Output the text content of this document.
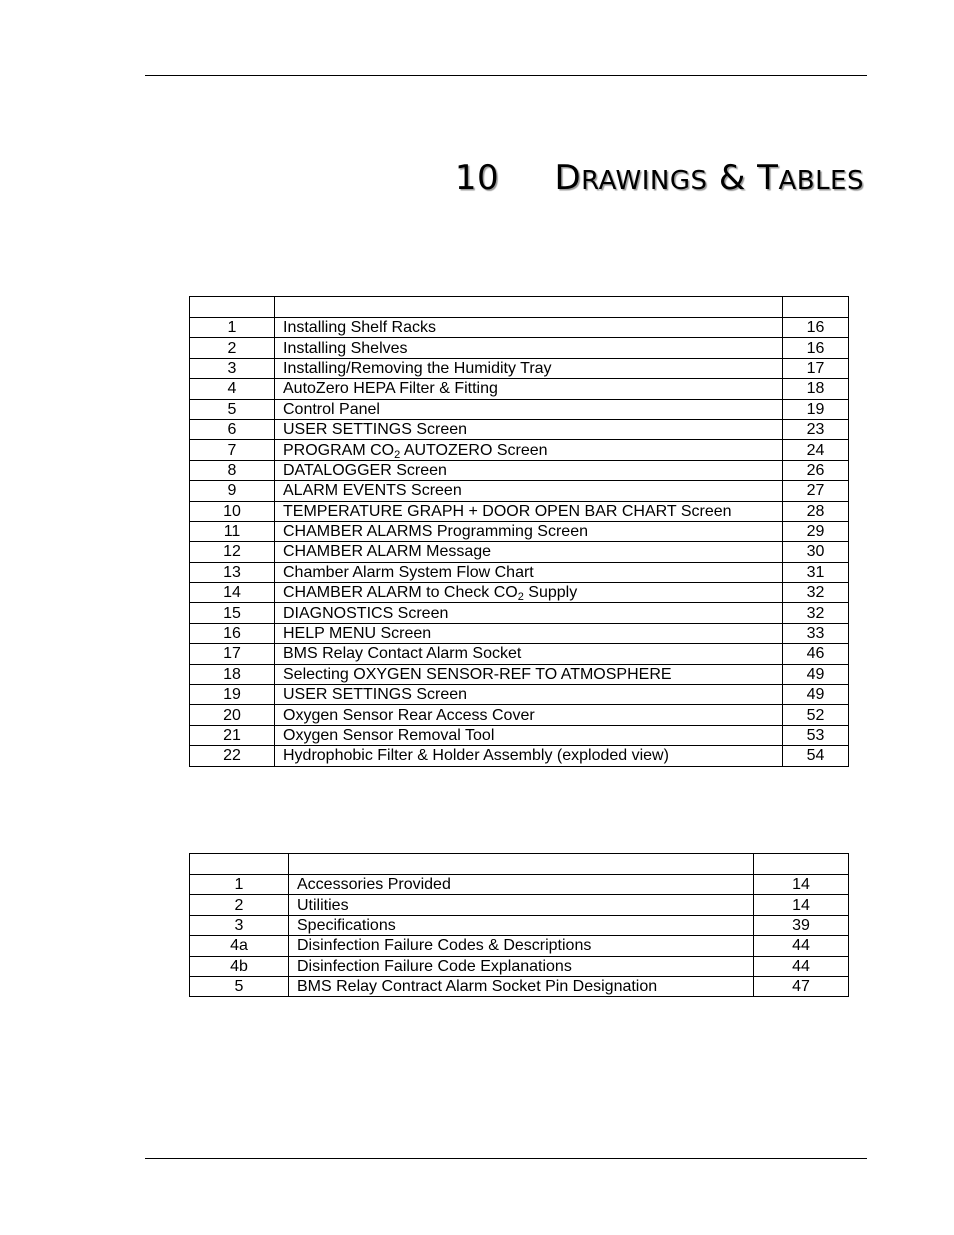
10 DRAWINGS & TABLES

1	Installing Shelf Racks	16
2	Installing Shelves	16
3	Installing/Removing the Humidity Tray	17
4	AutoZero HEPA Filter & Fitting	18
5	Control Panel	19
6	USER SETTINGS Screen	23
7	PROGRAM $CO_2$ AUTOZERO Screen	24
8	DATALOGGER Screen	26
9	ALARM EVENTS Screen	27
10	TEMPERATURE GRAPH + DOOR OPEN BAR CHART Screen	28
11	CHAMBER ALARMS Programming Screen	29
12	CHAMBER ALARM Message	30
13	Chamber Alarm System Flow Chart	31
14	CHAMBER ALARM to Check $CO_2$ Supply	32
15	DIAGNOSTICS Screen	32
16	HELP MENU Screen	33
17	BMS Relay Contact Alarm Socket	46
18	Selecting OXYGEN SENSOR-REF TO ATMOSPHERE	49
19	USER SETTINGS Screen	49
20	Oxygen Sensor Rear Access Cover	52
21	Oxygen Sensor Removal Tool	53
22	Hydrophobic Filter & Holder Assembly (exploded view)	54

1	Accessories Provided	14
2	Utilities	14
3	Specifications	39
4a	Disinfection Failure Codes & Descriptions	44
4b	Disinfection Failure Code Explanations	44
5	BMS Relay Contract Alarm Socket Pin Designation	47
